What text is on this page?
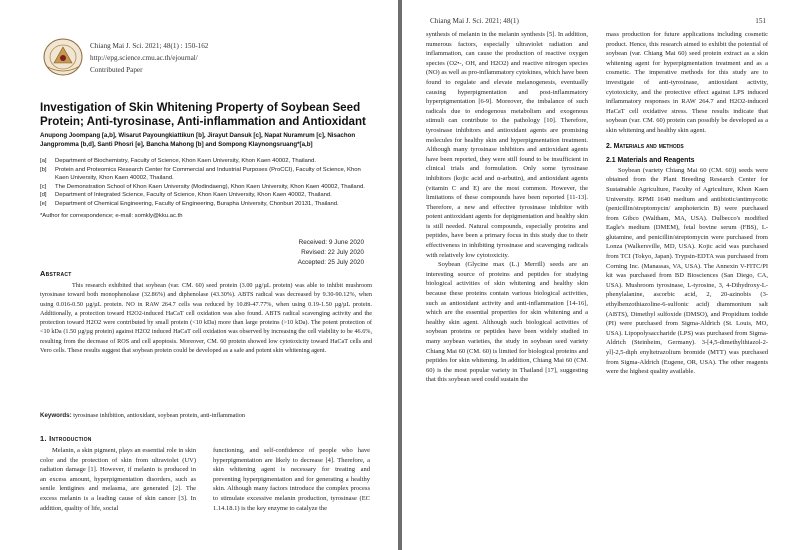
Chiang Mai J. Sci. 2021; 48(1) : 150-162
http://epg.science.cmu.ac.th/ejournal/
Contributed Paper
Investigation of Skin Whitening Property of Soybean Seed Protein; Anti-tyrosinase, Anti-inflammation and Antioxidant
Anupong Joompang [a,b], Wisarut Payoungkiattikun [b], Jirayut Dansuk [c], Napat Nuramrum [c], Nisachon Jangpromma [b,d], Santi Phosri [e], Bancha Mahong [b] and Sompong Klaynongsruang*[a,b]
[a]	Department of Biochemistry, Faculty of Science, Khon Kaen University, Khon Kaen 40002, Thailand.
[b]	Protein and Proteomics Research Center for Commercial and Industrial Purposes (ProCCI), Faculty of Science, Khon Kaen University, Khon Kaen 40002, Thailand.
[c]	The Demonstration School of Khon Kaen University (Modindaeng), Khon Kaen University, Khon Kaen 40002, Thailand.
[d]	Department of Integrated Science, Faculty of Science, Khon Kaen University, Khon Kaen 40002, Thailand.
[e]	Department of Chemical Engineering, Faculty of Engineering, Burapha University, Chonburi 20131, Thailand.
*Author for correspondence; e-mail: somkly@kku.ac.th
Received: 9 June 2020
Revised: 22 July 2020
Accepted: 25 July 2020
Abstract

This research exhibited that soybean (var. CM. 60) seed protein (3.00 µg/µL protein) was able to inhibit mushroom tyrosinase toward both monophenolase (32.86%) and diphenolase (43.30%). ABTS radical was decreased by 9.30-90.12%, when using 0.016-0.50 µg/µL protein. NO in RAW 264.7 cells was reduced by 10.89-47.77%, when using 0.19-1.50 µg/µL protein. Additionally, a protection toward H2O2-induced HaCaT cell oxidation was also found. ABTS radical scavenging activity and the protection toward H2O2 were contributed by small protein (<10 kDa) more than large proteins (>10 kDa). The potent protection of <10 kDa (1.50 µg/µg protein) against H2O2 induced HaCaT cell oxidation was observed by increasing the cell viability to be 46.6%, resulting from the decrease of ROS and cell apoptosis. Moreover, CM. 60 protein showed low cytotoxicity toward HaCaT cells and Vero cells. These results suggest that soybean protein could be developed as a safe and potent skin whitening agent.

Keywords: tyrosinase inhibition, antioxidant, soybean protein, anti-inflammation
1. Introduction

Melanin, a skin pigment, plays an essential role in skin color and the protection of skin from ultraviolet (UV) radiation damage [1]. However, if melanin is produced in an excess amount, hyperpigmentation disorders, such as senile lentigines and melasma, are generated [2]. The excess melanin is a leading cause of skin cancer [3]. In addition, quality of life, social

functioning, and self-confidence of people who have hyperpigmentation are likely to decrease [4]. Therefore, a skin whitening agent is necessary for treating and preventing hyperpigmentation and for generating a healthy skin. Although many factors introduce the complex process to stimulate excessive melanin production, tyrosinase (EC 1.14.18.1) is the key enzyme to catalyze the

Chiang Mai J. Sci. 2021; 48(1)	151

synthesis of melanin in the melanin synthesis [5]. In addition, numerous factors, especially ultraviolet radiation and inflammation, can cause the production of reactive oxygen species (O2•-, OH, and H2O2) and reactive nitrogen species (NO) as well as pro-inflammatory cytokines, which have been found to regulate and elevate melanogenesis, eventually causing hyperpigmentation and post-inflammatory hyperpigmentation [6-9]. Moreover, the imbalance of such radicals due to endogenous metabolism and exogenous stimuli can contribute to the pathology [10]. Therefore, tyrosinase inhibitors and antioxidant agents are promising molecules for healthy skin and hyperpigmentation treatment. Although many tyrosinase inhibitors and antioxidant agents have been reported, they were still found to be insufficient in clinical trials and formulation. Only some tyrosinase inhibitors (kojic acid and α-arbutin), and antioxidant agents (vitamin C and E) are the most common. However, the limitations of these compounds have been reported [11-13]. Therefore, a new and effective tyrosinase inhibitor with potent antioxidant agents for depigmentation and healthy skin is still needed. Natural compounds, especially proteins and peptides, have been a primary focus in this study due to their effectiveness in inhibiting tyrosinase and scavenging radicals with relatively low cytotoxicity.

Soybean (Glycine max (L.) Merrill) seeds are an interesting source of proteins and peptides for studying biological activities of skin whitening and healthy skin because these proteins contain various biological activities, such as antioxidant activity and anti-inflammation [14-16], which are the essential properties for skin whitening and a healthy skin agent. Although such biological activities of soybean proteins or peptides have been widely studied in many soybean varieties, the study in soybean seed variety Chiang Mai 60 (CM. 60) is limited for biological proteins and peptides for skin whitening. In addition, Chiang Mai 60 (CM. 60) is the most popular variety in Thailand [17], suggesting that this soybean seed could sustain the

mass production for future applications including cosmetic product. Hence, this research aimed to exhibit the potential of soybean (var. Chiang Mai 60) seed protein extract as a skin whitening agent for hyperpigmentation treatment and as a cosmetic. The imperative methods for this study are to investigate of anti-tyrosinase, antioxidant activity, cytotoxicity, and the protective effect against LPS induced inflammatory responses in RAW 264.7 and H2O2-induced HaCaT cell oxidative stress. These results indicate that soybean (var. CM. 60) protein can possibly be developed as a skin whitening and healthy skin agent.

2. Materials and methods

2.1 Materials and Reagents

Soybean (variety Chiang Mai 60 (CM. 60)) seeds were obtained from the Plant Breeding Research Center for Sustainable Agriculture, Faculty of Agriculture, Khon Kaen University. RPMI 1640 medium and antibiotic/antimycotic (penicillin/streptomycin/ amphotericin B) were purchased from Gibco (Waltham, MA, USA). Dulbecco's modified Eagle's medium (DMEM), fetal bovine serum (FBS), L-glutamine, and penicillin/streptomycin were purchased from Lonza (Walkersville, MD, USA). Kojic acid was purchased from TCI (Tokyo, Japan). Trypsin-EDTA was purchased from Corning Inc. (Manassas, VA, USA). The Annexin V-FITC/PI kit was purchased from BD Biosciences (San Diego, CA, USA). Mushroom tyrosinase, L-tyrosine, 3, 4-Dihydroxy-L-phenylalanine, ascorbic acid, 2, 20-azinobis (3-ethylbenzothiazoline-6-sulfonic acid) diammonium salt (ABTS), Dimethyl sulfoxide (DMSO), and Propidium iodide (PI) were purchased from Sigma-Aldrich (St. Louis, MO, USA). Lipopolysaccharide (LPS) was purchased from Sigma-Aldrich (Steinheim, Germany). 3-[4,5-dimethylthiazol-2-yl]-2,5-diph enyltetrazolium bromide (MTT) was purchased from Sigma-Aldrich (Eugene, OR, USA). The other reagents were the highest quality available.
